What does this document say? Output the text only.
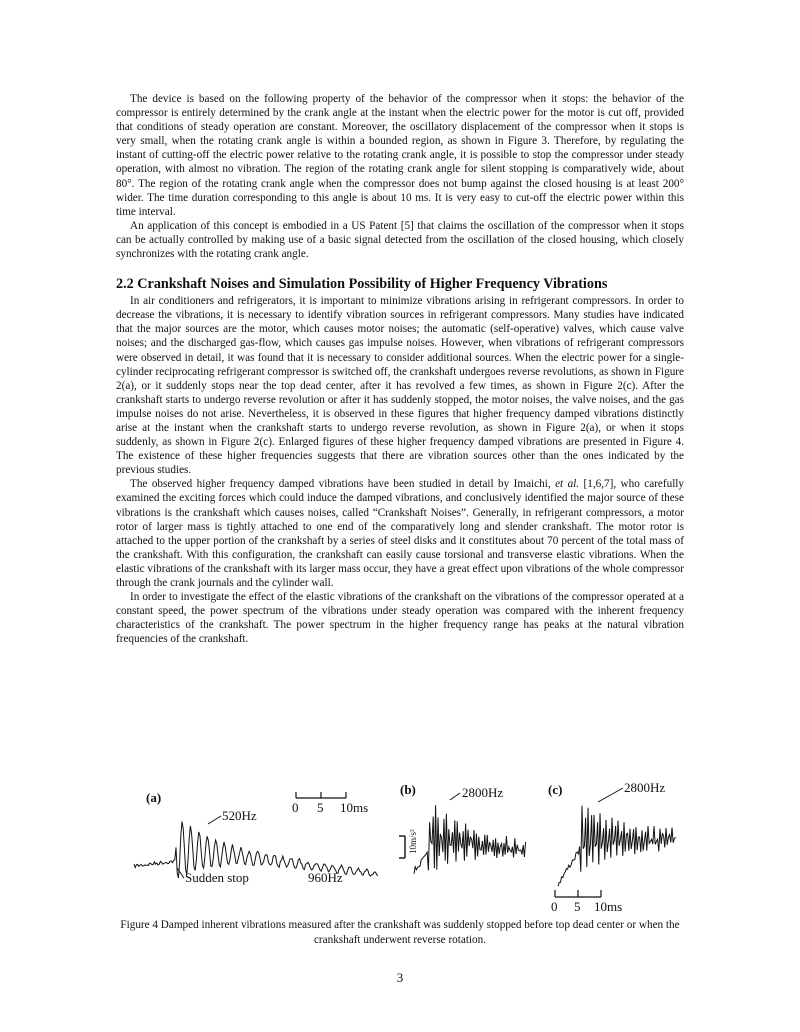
The device is based on the following property of the behavior of the compressor when it stops: the behavior of the compressor is entirely determined by the crank angle at the instant when the electric power for the motor is cut off, provided that conditions of steady operation are constant. Moreover, the oscillatory displacement of the compressor when it stops is very small, when the rotating crank angle is within a bounded region, as shown in Figure 3. Therefore, by regulating the instant of cutting-off the electric power relative to the rotating crank angle, it is possible to stop the compressor under steady operation, with almost no vibration. The region of the rotating crank angle for silent stopping is comparatively wide, about 80°. The region of the rotating crank angle when the compressor does not bump against the closed housing is at least 200° wider. The time duration corresponding to this angle is about 10 ms. It is very easy to cut-off the electric power within this time interval.

An application of this concept is embodied in a US Patent [5] that claims the oscillation of the compressor when it stops can be actually controlled by making use of a basic signal detected from the oscillation of the closed housing, which closely synchronizes with the rotating crank angle.

2.2 Crankshaft Noises and Simulation Possibility of Higher Frequency Vibrations

In air conditioners and refrigerators, it is important to minimize vibrations arising in refrigerant compressors. In order to decrease the vibrations, it is necessary to identify vibration sources in refrigerant compressors. Many studies have indicated that the major sources are the motor, which causes motor noises; the automatic (self-operative) valves, which cause valve noises; and the discharged gas-flow, which causes gas impulse noises. However, when vibrations of refrigerant compressors were observed in detail, it was found that it is necessary to consider additional sources. When the electric power for a single-cylinder reciprocating refrigerant compressor is switched off, the crankshaft undergoes reverse revolutions, as shown in Figure 2(a), or it suddenly stops near the top dead center, after it has revolved a few times, as shown in Figure 2(c). After the crankshaft starts to undergo reverse revolution or after it has suddenly stopped, the motor noises, the valve noises, and the gas impulse noises do not arise. Nevertheless, it is observed in these figures that higher frequency damped vibrations distinctly arise at the instant when the crankshaft starts to undergo reverse revolution, as shown in Figure 2(a), or when it stops suddenly, as shown in Figure 2(c). Enlarged figures of these higher frequency damped vibrations are presented in Figure 4. The existence of these higher frequencies suggests that there are vibration sources other than the ones indicated by the previous studies.

The observed higher frequency damped vibrations have been studied in detail by Imaichi, et al. [1,6,7], who carefully examined the exciting forces which could induce the damped vibrations, and conclusively identified the major source of these vibrations is the crankshaft which causes noises, called “Crankshaft Noises”. Generally, in refrigerant compressors, a motor rotor of larger mass is tightly attached to one end of the comparatively long and slender crankshaft. The motor rotor is attached to the upper portion of the crankshaft by a series of steel disks and it constitutes about 70 percent of the total mass of the crankshaft. With this configuration, the crankshaft can easily cause torsional and transverse elastic vibrations. When the elastic vibrations of the crankshaft with its larger mass occur, they have a great effect upon vibrations of the whole compressor through the crank journals and the cylinder wall.

In order to investigate the effect of the elastic vibrations of the crankshaft on the vibrations of the compressor operated at a constant speed, the power spectrum of the vibrations under steady operation was compared with the inherent frequency characteristics of the crankshaft. The power spectrum in the higher frequency range has peaks at the natural vibration frequencies of the crankshaft.

(a)
520Hz
960Hz
Sudden stop
0 5 10ms
(b)	2800Hz
10m/s²
(c)	2800Hz
0 5 10ms
Figure 4 Damped inherent vibrations measured after the crankshaft was suddenly stopped before top dead center or when the crankshaft underwent reverse rotation.
3
